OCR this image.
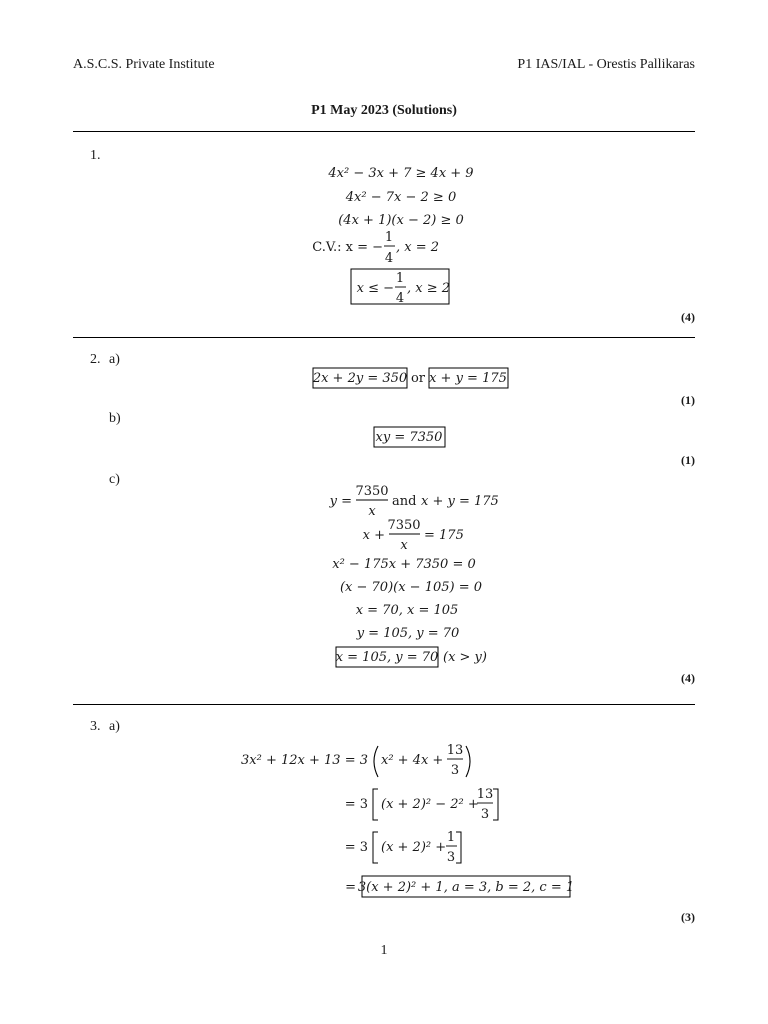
A.S.C.S. Private Institute	P1 IAS/IAL - Orestis Pallikaras
P1 May 2023 (Solutions)
1.
(4)
2. a)
(1)
b)
(1)
c)
(4)
3. a)
(3)
1
4x² − 3x + 7 ≥ 4x + 9
4x² − 7x − 2 ≥ 0
(4x + 1)(x − 2) ≥ 0
C.V.: x = −
1
4
, x = 2
x ≤ −
1
4
, x ≥ 2
2x + 2y = 350 or x + y = 175
xy = 7350
y =
7350
x
and x + y = 175
x +
7350
x
= 175
x² − 175x + 7350 = 0
(x − 70)(x − 105) = 0
x = 70, x = 105
y = 105, y = 70
x = 105, y = 70 (x > y)
3x² + 12x + 13 = 3 x² + 4x +
13
3
= 3 (x + 2)² − 2² +
13
3
= 3 (x + 2)² +
1
3
= 3(x + 2)² + 1, a = 3, b = 2, c = 1
